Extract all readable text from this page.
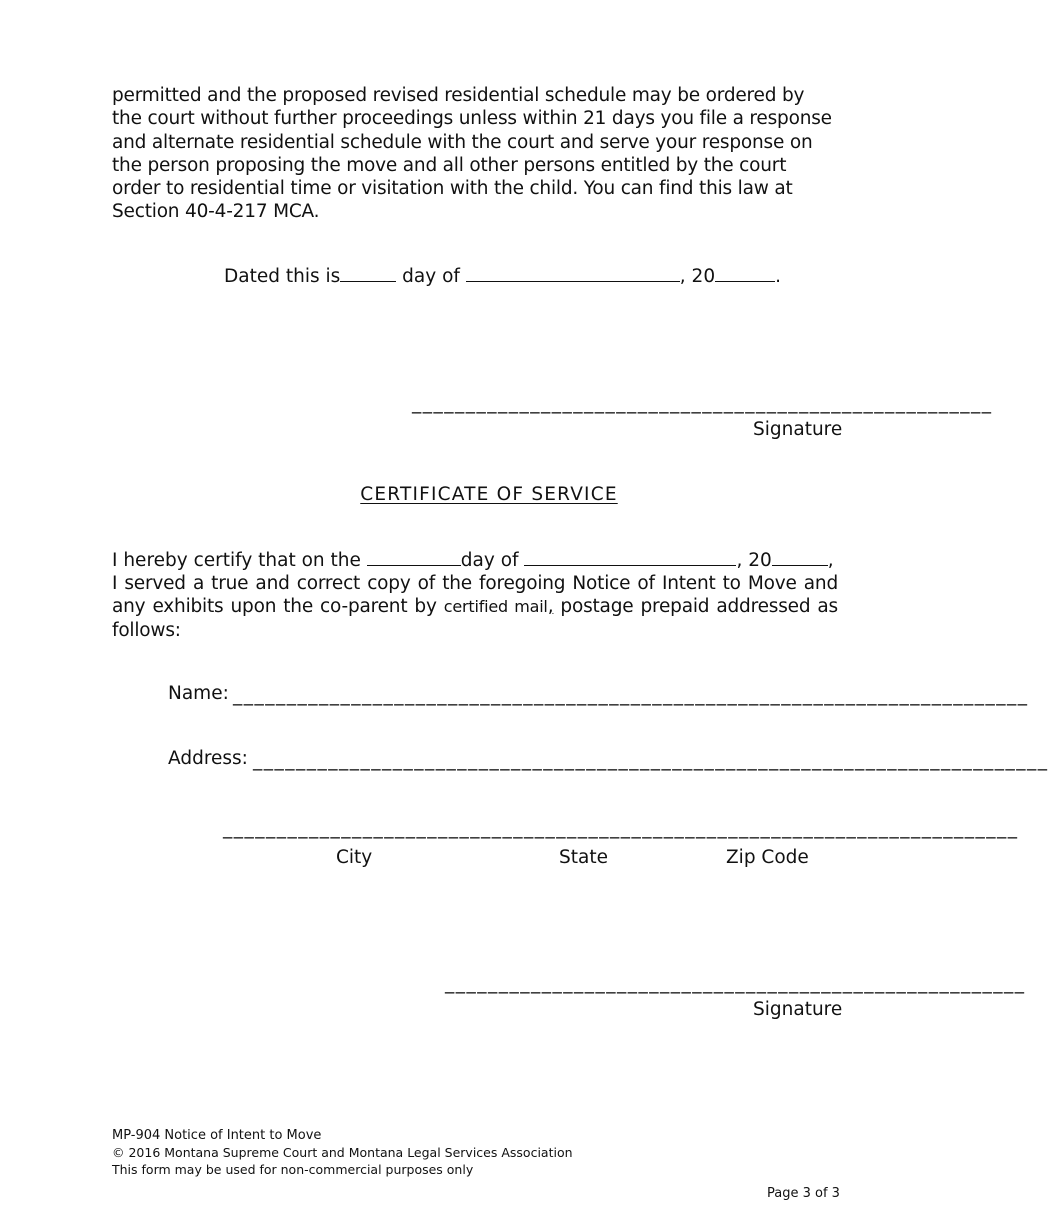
permitted and the proposed revised residential schedule may be ordered by the court without further proceedings unless within 21 days you file a response and alternate residential schedule with the court and serve your response on the person proposing the move and all other persons entitled by the court order to residential time or visitation with the child. You can find this law at Section 40-4-217 MCA.
Dated this is	day of	, 20	.
______________________________________________________
Signature
CERTIFICATE OF SERVICE
I hereby certify that on the	day of	, 20	,
I served a true and correct copy of the foregoing Notice of Intent to Move and any exhibits upon the co-parent by certified mail, postage prepaid addressed as follows:
Name: __________________________________________________________________________
Address: __________________________________________________________________________
__________________________________________________________________________
City	State	Zip Code
______________________________________________________
Signature
MP-904 Notice of Intent to Move
© 2016 Montana Supreme Court and Montana Legal Services Association
This form may be used for non-commercial purposes only
Page 3 of 3
